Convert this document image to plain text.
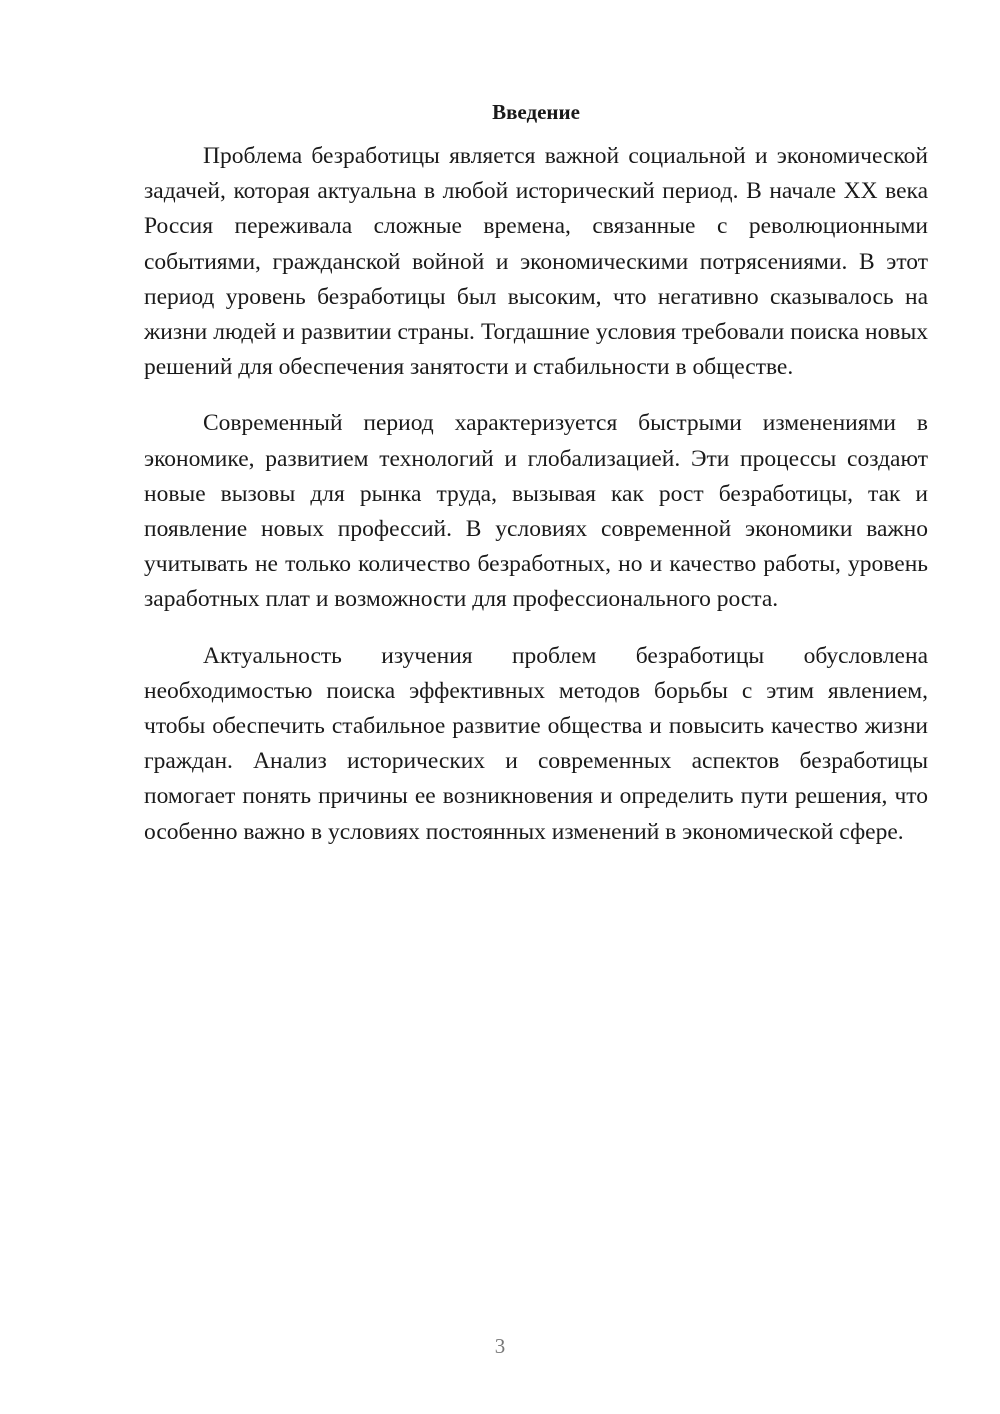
Введение

Проблема безработицы является важной социальной и экономической задачей, которая актуальна в любой исторический период. В начале XX века Россия переживала сложные времена, связанные с революционными событиями, гражданской войной и экономическими потрясениями. В этот период уровень безработицы был высоким, что негативно сказывалось на жизни людей и развитии страны. Тогдашние условия требовали поиска новых решений для обеспечения занятости и стабильности в обществе.

Современный период характеризуется быстрыми изменениями в экономике, развитием технологий и глобализацией. Эти процессы создают новые вызовы для рынка труда, вызывая как рост безработицы, так и появление новых профессий. В условиях современной экономики важно учитывать не только количество безработных, но и качество работы, уровень заработных плат и возможности для профессионального роста.

Актуальность изучения проблем безработицы обусловлена необходимостью поиска эффективных методов борьбы с этим явлением, чтобы обеспечить стабильное развитие общества и повысить качество жизни граждан. Анализ исторических и современных аспектов безработицы помогает понять причины ее возникновения и определить пути решения, что особенно важно в условиях постоянных изменений в экономической сфере.

3
